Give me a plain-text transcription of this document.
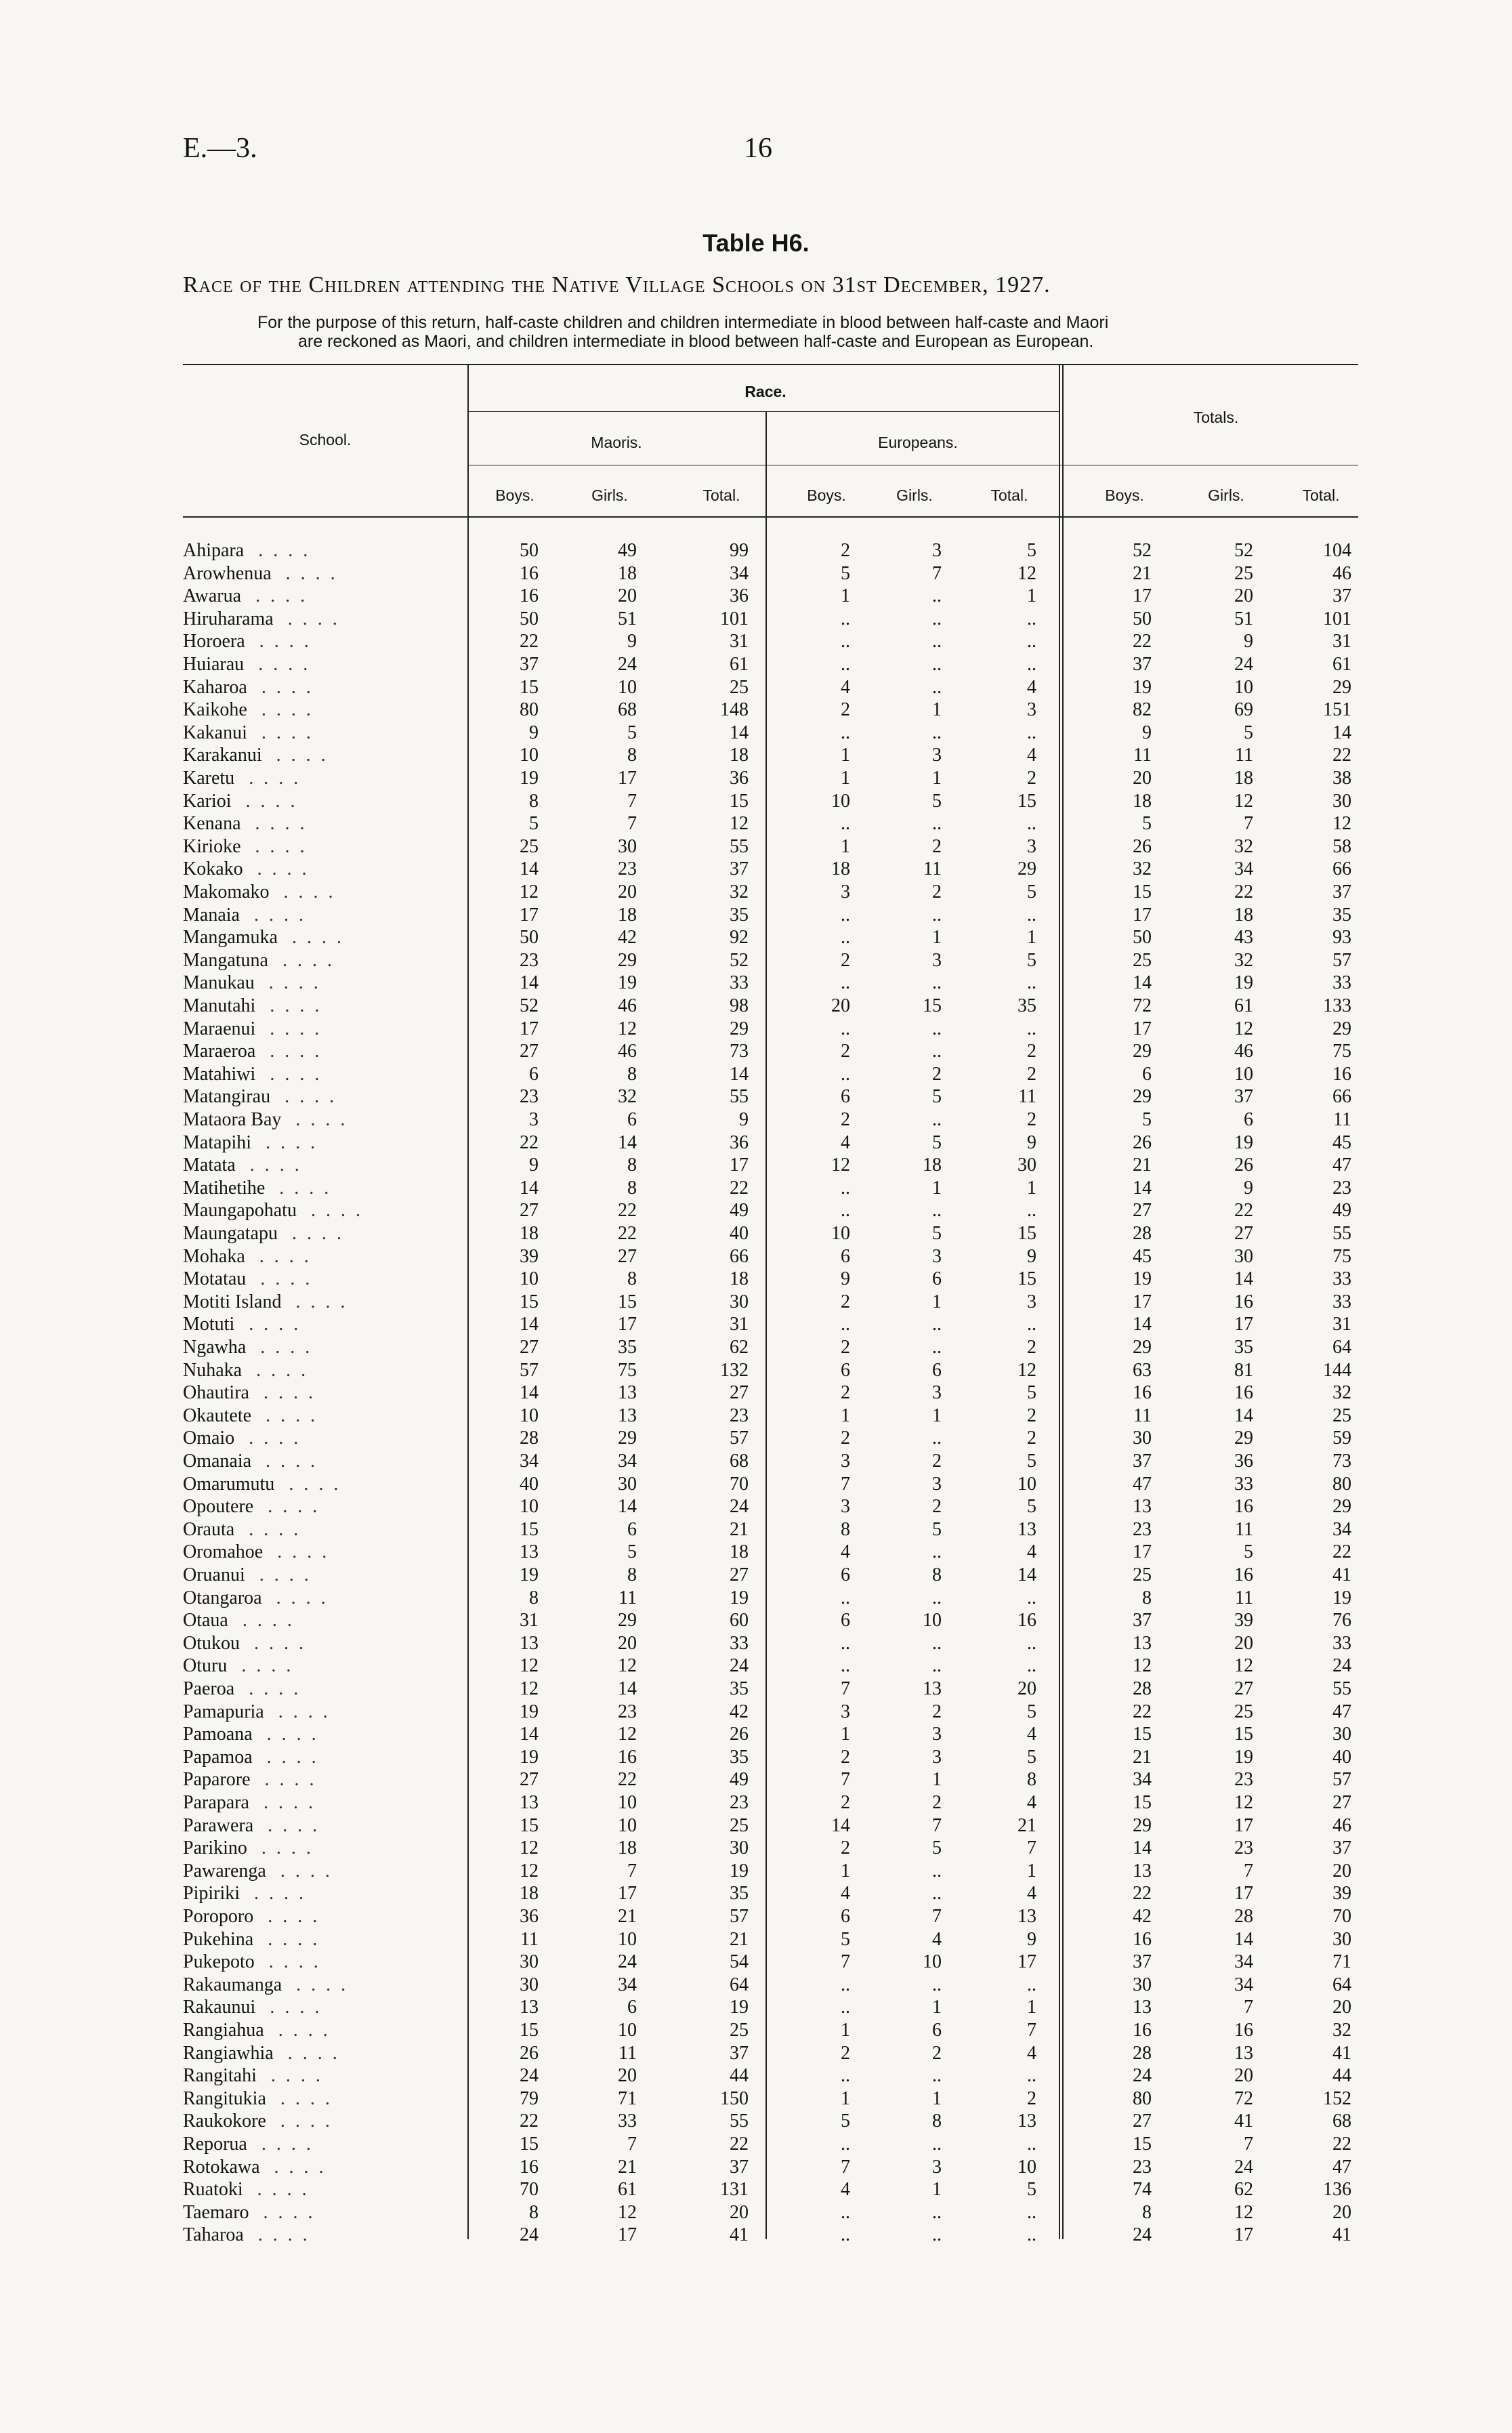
E.—3.	16
Table H6.
Race of the Children attending the Native Village Schools on 31st December, 1927.
For the purpose of this return, half-caste children and children intermediate in blood between half-caste and Maori
are reckoned as Maori, and children intermediate in blood between half-caste and European as European.
School.
Race.
Maoris.	Europeans.
Totals.
Boys.	Girls.	Total.	Boys.	Girls.	Total.	Boys.	Girls.	Total.
Ahipara . .	50	49	99	2	3	5	52	52	104
Arowhenua . .	16	18	34	5	7	12	21	25	46
Awarua . .	16	20	36	1	..	1	17	20	37
Hiruharama . .	50	51	101	..	..	..	50	51	101
Horoera . .	22	9	31	..	..	..	22	9	31
Huiarau . .	37	24	61	..	..	..	37	24	61
Kaharoa . .	15	10	25	4	..	4	19	10	29
Kaikohe . .	80	68	148	2	1	3	82	69	151
Kakanui . .	9	5	14	..	..	..	9	5	14
Karakanui . .	10	8	18	1	3	4	11	11	22
Karetu . .	19	17	36	1	1	2	20	18	38
Karioi . .	8	7	15	10	5	15	18	12	30
Kenana . .	5	7	12	..	..	..	5	7	12
Kirioke . .	25	30	55	1	2	3	26	32	58
Kokako . .	14	23	37	18	11	29	32	34	66
Makomako . .	12	20	32	3	2	5	15	22	37
Manaia . .	17	18	35	..	..	..	17	18	35
Mangamuka . .	50	42	92	..	1	1	50	43	93
Mangatuna . .	23	29	52	2	3	5	25	32	57
Manukau . .	14	19	33	..	..	..	14	19	33
Manutahi . .	52	46	98	20	15	35	72	61	133
Maraenui . .	17	12	29	..	..	..	17	12	29
Maraeroa . .	27	46	73	2	..	2	29	46	75
Matahiwi . .	6	8	14	..	2	2	6	10	16
Matangirau . .	23	32	55	6	5	11	29	37	66
Mataora Bay . .	3	6	9	2	..	2	5	6	11
Matapihi . .	22	14	36	4	5	9	26	19	45
Matata . .	9	8	17	12	18	30	21	26	47
Matihetihe . .	14	8	22	..	1	1	14	9	23
Maungapohatu . .	27	22	49	..	..	..	27	22	49
Maungatapu . .	18	22	40	10	5	15	28	27	55
Mohaka . .	39	27	66	6	3	9	45	30	75
Motatau . .	10	8	18	9	6	15	19	14	33
Motiti Island . .	15	15	30	2	1	3	17	16	33
Motuti . .	14	17	31	..	..	..	14	17	31
Ngawha . .	27	35	62	2	..	2	29	35	64
Nuhaka . .	57	75	132	6	6	12	63	81	144
Ohautira . .	14	13	27	2	3	5	16	16	32
Okautete . .	10	13	23	1	1	2	11	14	25
Omaio . .	28	29	57	2	..	2	30	29	59
Omanaia . .	34	34	68	3	2	5	37	36	73
Omarumutu . .	40	30	70	7	3	10	47	33	80
Opoutere . .	10	14	24	3	2	5	13	16	29
Orauta . .	15	6	21	8	5	13	23	11	34
Oromahoe . .	13	5	18	4	..	4	17	5	22
Oruanui . .	19	8	27	6	8	14	25	16	41
Otangaroa . .	8	11	19	..	..	..	8	11	19
Otaua . .	31	29	60	6	10	16	37	39	76
Otukou . .	13	20	33	..	..	..	13	20	33
Oturu . .	12	12	24	..	..	..	12	12	24
Paeroa . .	12	14	35	7	13	20	28	27	55
Pamapuria . .	19	23	42	3	2	5	22	25	47
Pamoana . .	14	12	26	1	3	4	15	15	30
Papamoa . .	19	16	35	2	3	5	21	19	40
Paparore . .	27	22	49	7	1	8	34	23	57
Parapara . .	13	10	23	2	2	4	15	12	27
Parawera . .	15	10	25	14	7	21	29	17	46
Parikino . .	12	18	30	2	5	7	14	23	37
Pawarenga . .	12	7	19	1	..	1	13	7	20
Pipiriki . .	18	17	35	4	..	4	22	17	39
Poroporo . .	36	21	57	6	7	13	42	28	70
Pukehina . .	11	10	21	5	4	9	16	14	30
Pukepoto . .	30	24	54	7	10	17	37	34	71
Rakaumanga . .	30	34	64	..	..	..	30	34	64
Rakaunui . .	13	6	19	..	1	1	13	7	20
Rangiahua . .	15	10	25	1	6	7	16	16	32
Rangiawhia . .	26	11	37	2	2	4	28	13	41
Rangitahi . .	24	20	44	..	..	..	24	20	44
Rangitukia . .	79	71	150	1	1	2	80	72	152
Raukokore . .	22	33	55	5	8	13	27	41	68
Reporua . .	15	7	22	..	..	..	15	7	22
Rotokawa . .	16	21	37	7	3	10	23	24	47
Ruatoki . .	70	61	131	4	1	5	74	62	136
Taemaro . .	8	12	20	..	..	..	8	12	20
Taharoa . .	24	17	41	..	..	..	24	17	41
